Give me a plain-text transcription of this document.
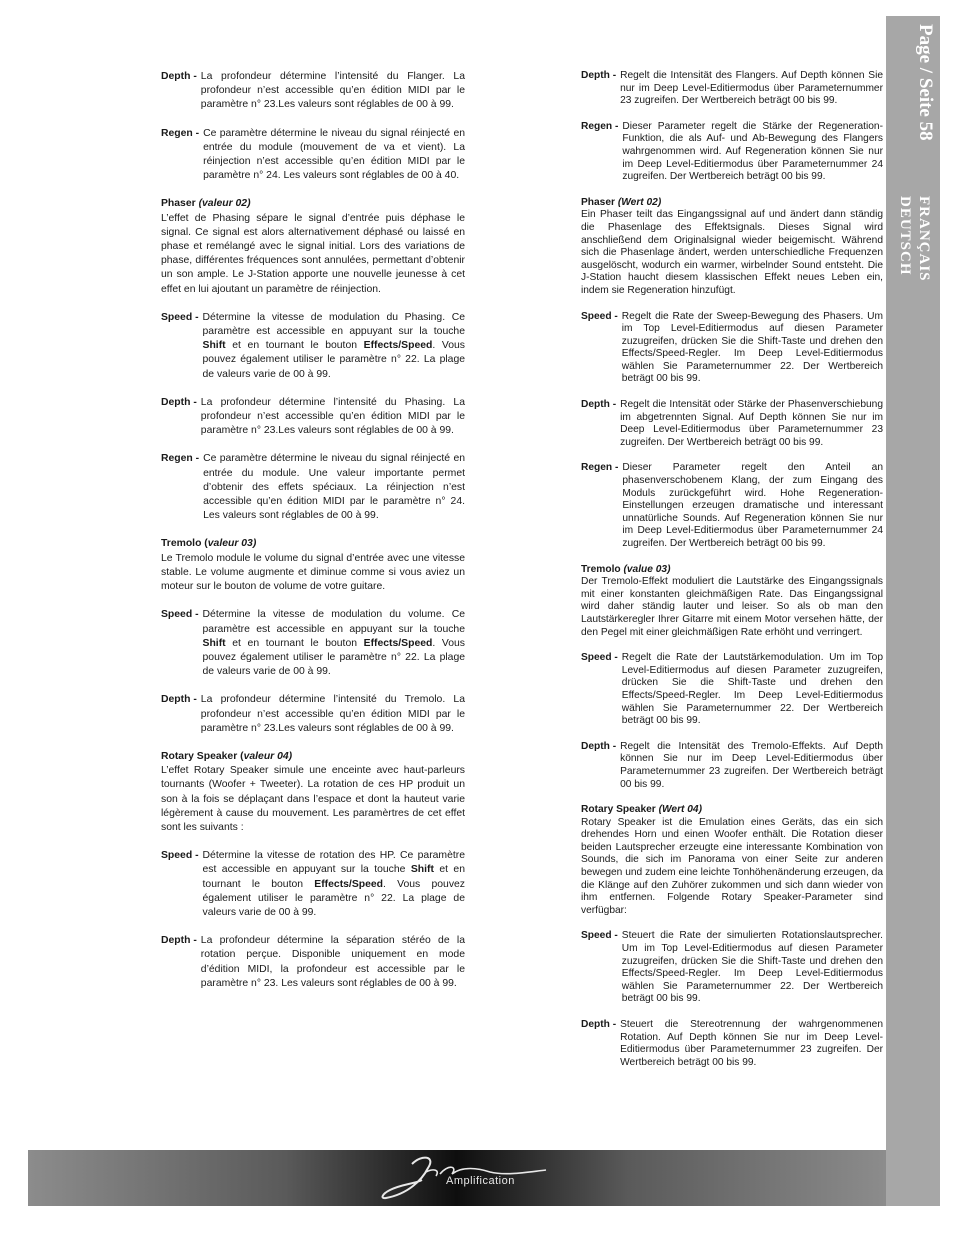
Depth - La profondeur détermine l’intensité du Flanger. La profondeur n’est accessible qu’en édition MIDI par le paramètre n° 23.Les valeurs sont réglables de 00 à 99.
Regen - Ce paramètre détermine le niveau du signal réinjecté en entrée du module (mouvement de va et vient). La réinjection n’est accessible qu’en édition MIDI par le paramètre n° 24. Les valeurs sont réglables de 00 à 40.
Phaser (valeur 02)
L’effet de Phasing sépare le signal d’entrée puis déphase le signal. Ce signal est alors alternativement déphasé ou laissé en phase et remélangé avec le signal initial. Lors des variations de phase, différentes fréquences sont annulées, permettant d’obtenir un son ample. Le J-Station apporte une nouvelle jeunesse à cet effet en lui ajoutant un paramètre de réinjection.
Speed - Détermine la vitesse de modulation du Phasing. Ce paramètre est accessible en appuyant sur la touche Shift et en tournant le bouton Effects/Speed. Vous pouvez également utiliser le paramètre n° 22. La plage de valeurs varie de 00 à 99.
Depth - La profondeur détermine l’intensité du Phasing. La profondeur n’est accessible qu’en édition MIDI par le paramètre n° 23.Les valeurs sont réglables de 00 à 99.
Regen - Ce paramètre détermine le niveau du signal réinjecté en entrée du module. Une valeur importante permet d’obtenir des effets spéciaux. La réinjection n’est accessible qu’en édition MIDI par le paramètre n° 24. Les valeurs sont réglables de 00 à 99.
Tremolo (valeur 03)
Le Tremolo module le volume du signal d’entrée avec une vitesse stable. Le volume augmente et diminue comme si vous aviez un moteur sur le bouton de volume de votre guitare.
Speed - Détermine la vitesse de modulation du volume. Ce paramètre est accessible en appuyant sur la touche Shift et en tournant le bouton Effects/Speed. Vous pouvez également utiliser le paramètre n° 22. La plage de valeurs varie de 00 à 99.
Depth - La profondeur détermine l’intensité du Tremolo. La profondeur n’est accessible qu’en édition MIDI par le paramètre n° 23.Les valeurs sont réglables de 00 à 99.
Rotary Speaker (valeur 04)
L’effet Rotary Speaker simule une enceinte avec haut-parleurs tournants (Woofer + Tweeter). La rotation de ces HP produit un son à la fois se déplaçant dans l’espace et dont la hauteut varie légèrement à cause du mouvement. Les paramèrtres de cet effet sont les suivants :
Speed - Détermine la vitesse de rotation des HP. Ce paramètre est accessible en appuyant sur la touche Shift et en tournant le bouton Effects/Speed. Vous pouvez également utiliser le paramètre n° 22. La plage de valeurs varie de 00 à 99.
Depth - La profondeur détermine la séparation stéréo de la rotation perçue. Disponible uniquement en mode d’édition MIDI, la profondeur est accessible par le paramètre n° 23. Les valeurs sont réglables de 00 à 99.
Depth - Regelt die Intensität des Flangers. Auf Depth können Sie nur im Deep Level-Editiermodus über Parameternummer 23 zugreifen. Der Wertbereich beträgt 00 bis 99.
Regen - Dieser Parameter regelt die Stärke der Regeneration-Funktion, die als Auf- und Ab-Bewegung des Flangers wahrgenommen wird. Auf Regeneration können Sie nur im Deep Level-Editiermodus über Parameternummer 24 zugreifen. Der Wertbereich beträgt 00 bis 99.
Phaser (Wert 02)
Ein Phaser teilt das Eingangssignal auf und ändert dann ständig die Phasenlage des Effektsignals. Dieses Signal wird anschließend dem Originalsignal wieder beigemischt. Während sich die Phasenlage ändert, werden unterschiedliche Frequenzen ausgelöscht, wodurch ein warmer, wirbelnder Sound entsteht. Die J-Station haucht diesem klassischen Effekt neues Leben ein, indem sie Regeneration hinzufügt.
Speed - Regelt die Rate der Sweep-Bewegung des Phasers. Um im Top Level-Editiermodus auf diesen Parameter zuzugreifen, drücken Sie die Shift-Taste und drehen den Effects/Speed-Regler. Im Deep Level-Editiermodus wählen Sie Parameternummer 22. Der Wertbereich beträgt 00 bis 99.
Depth - Regelt die Intensität oder Stärke der Phasenverschiebung im abgetrennten Signal. Auf Depth können Sie nur im Deep Level-Editiermodus über Parameternummer 23 zugreifen. Der Wertbereich beträgt 00 bis 99.
Regen - Dieser Parameter regelt den Anteil an phasenverschobenem Klang, der zum Eingang des Moduls zurückgeführt wird. Hohe Regeneration-Einstellungen erzeugen dramatische und interessant unnatürliche Sounds. Auf Regeneration können Sie nur im Deep Level-Editiermodus über Parameternummer 24 zugreifen. Der Wertbereich beträgt 00 bis 99.
Tremolo (value 03)
Der Tremolo-Effekt moduliert die Lautstärke des Eingangssignals mit einer konstanten gleichmäßigen Rate. Das Eingangssignal wird daher ständig lauter und leiser. So als ob man den Lautstärkeregler Ihrer Gitarre mit einem Motor versehen hätte, der den Pegel mit einer gleichmäßigen Rate erhöht und verringert.
Speed - Regelt die Rate der Lautstärkemodulation. Um im Top Level-Editiermodus auf diesen Parameter zuzugreifen, drücken Sie die Shift-Taste und drehen den Effects/Speed-Regler. Im Deep Level-Editiermodus wählen Sie Parameternummer 22. Der Wertbereich beträgt 00 bis 99.
Depth - Regelt die Intensität des Tremolo-Effekts. Auf Depth können Sie nur im Deep Level-Editiermodus über Parameternummer 23 zugreifen. Der Wertbereich beträgt 00 bis 99.
Rotary Speaker (Wert 04)
Rotary Speaker ist die Emulation eines Geräts, das ein sich drehendes Horn und einen Woofer enthält. Die Rotation dieser beiden Lautsprecher erzeugte eine interessante Kombination von Sounds, die sich im Panorama von einer Seite zur anderen bewegen und zudem eine leichte Tonhöhenänderung erzeugen, da die Klänge auf den Zuhörer zukommen und sich dann wieder von ihm entfernen. Folgende Rotary Speaker-Parameter sind verfügbar:
Speed - Steuert die Rate der simulierten Rotationslautsprecher. Um im Top Level-Editiermodus auf diesen Parameter zuzugreifen, drücken Sie die Shift-Taste und drehen den Effects/Speed-Regler. Im Deep Level-Editiermodus wählen Sie Parameternummer 22. Der Wertbereich beträgt 00 bis 99.
Depth - Steuert die Stereotrennung der wahrgenommenen Rotation. Auf Depth können Sie nur im Deep Level-Editiermodus über Parameternummer 23 zugreifen. Der Wertbereich beträgt 00 bis 99.
Page / Seite 58
FRANÇAIS
DEUTSCH
Amplification
